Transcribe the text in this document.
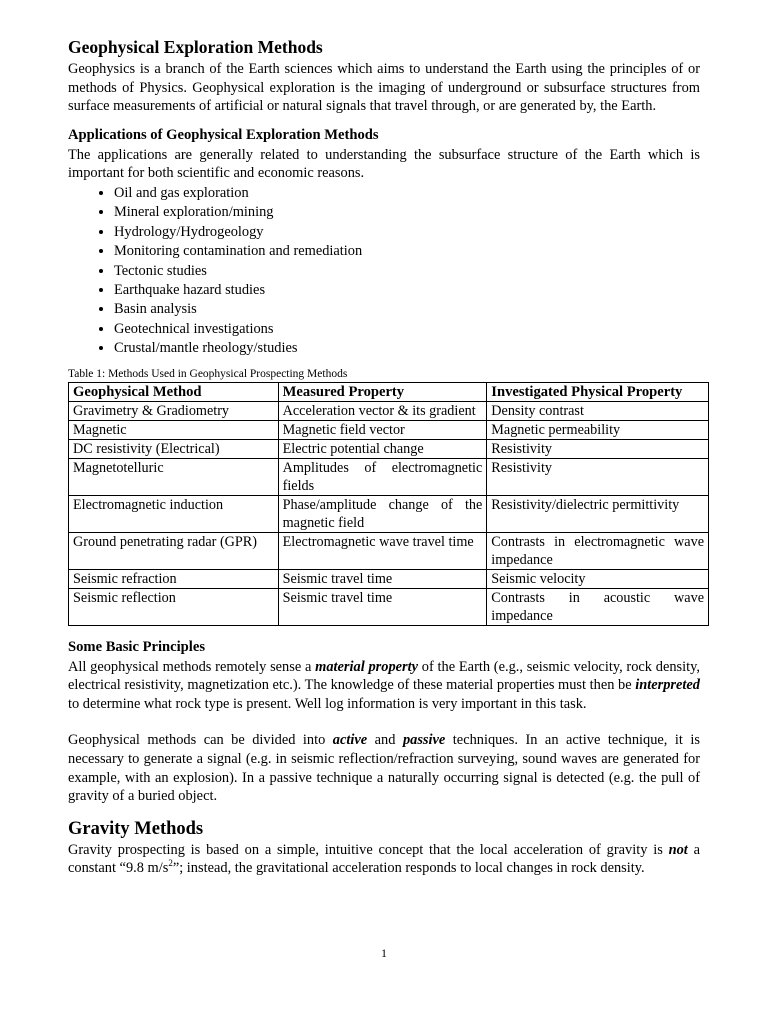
Geophysical Exploration Methods

Geophysics is a branch of the Earth sciences which aims to understand the Earth using the principles of or methods of Physics. Geophysical exploration is the imaging of underground or subsurface structures from surface measurements of artificial or natural signals that travel through, or are generated by, the Earth.

Applications of Geophysical Exploration Methods

The applications are generally related to understanding the subsurface structure of the Earth which is important for both scientific and economic reasons.

• Oil and gas exploration
• Mineral exploration/mining
• Hydrology/Hydrogeology
• Monitoring contamination and remediation
• Tectonic studies
• Earthquake hazard studies
• Basin analysis
• Geotechnical investigations
• Crustal/mantle rheology/studies
Table 1: Methods Used in Geophysical Prospecting Methods
Geophysical Method	Measured Property	Investigated Physical Property
Gravimetry & Gradiometry	Acceleration vector & its gradient	Density contrast
Magnetic	Magnetic field vector	Magnetic permeability
DC resistivity (Electrical)	Electric potential change	Resistivity
Magnetotelluric	Amplitudes of electromagnetic fields	Resistivity
Electromagnetic induction	Phase/amplitude change of the magnetic field	Resistivity/dielectric permittivity
Ground penetrating radar (GPR)	Electromagnetic wave travel time	Contrasts in electromagnetic wave impedance
Seismic refraction	Seismic travel time	Seismic velocity
Seismic reflection	Seismic travel time	Contrasts in acoustic wave impedance
Some Basic Principles

All geophysical methods remotely sense a material property of the Earth (e.g., seismic velocity, rock density, electrical resistivity, magnetization etc.). The knowledge of these material properties must then be interpreted to determine what rock type is present. Well log information is very important in this task.

Geophysical methods can be divided into active and passive techniques. In an active technique, it is necessary to generate a signal (e.g. in seismic reflection/refraction surveying, sound waves are generated for example, with an explosion). In a passive technique a naturally occurring signal is detected (e.g. the pull of gravity of a buried object.

Gravity Methods

Gravity prospecting is based on a simple, intuitive concept that the local acceleration of gravity is not a constant “9.8 $m/s^2$”; instead, the gravitational acceleration responds to local changes in rock density.

1
